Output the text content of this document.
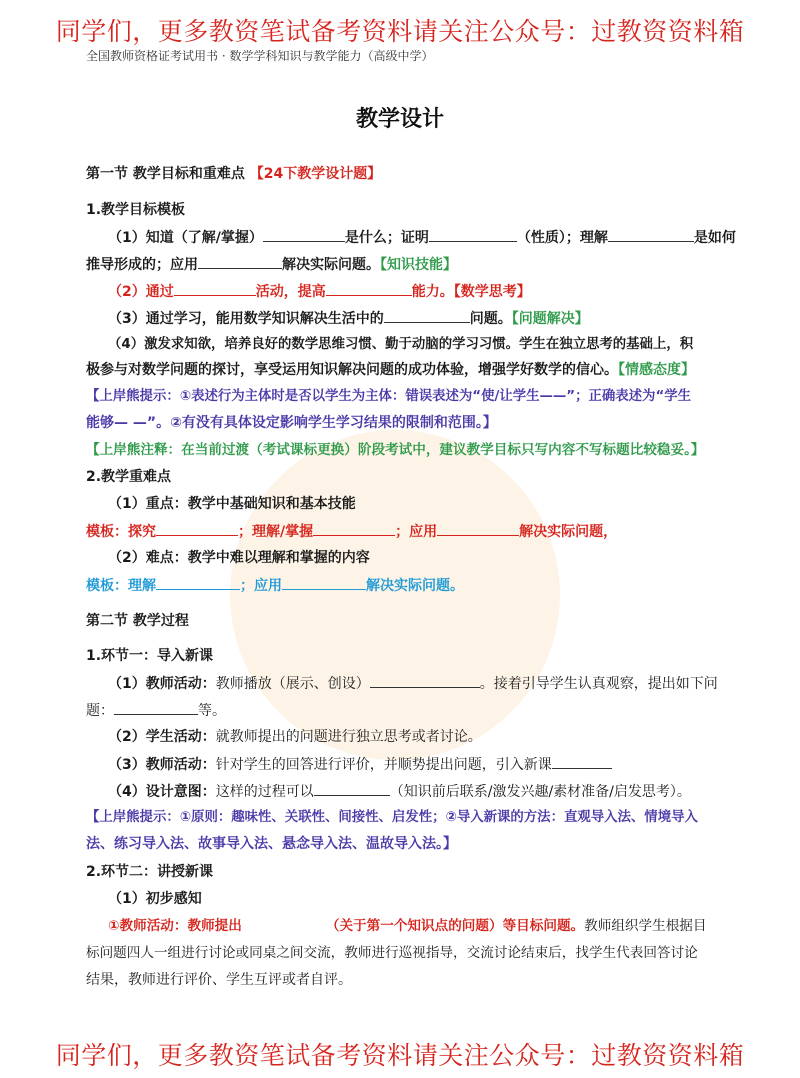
同学们，更多教资笔试备考资料请关注公众号：过教资资料箱
全国教师资格证考试用书 · 数学学科知识与教学能力（高级中学）
教学设计
第一节 教学目标和重难点 【24下教学设计题】
1.教学目标模板
（1）知道（了解/掌握）	是什么；证明	（性质）；理解	是如何
推导形成的；应用	解决实际问题。【知识技能】
（2）通过	活动，提高	能力。【数学思考】
（3）通过学习，能用数学知识解决生活中的	问题。【问题解决】
（4）激发求知欲，培养良好的数学思维习惯、勤于动脑的学习习惯。学生在独立思考的基础上，积
极参与对数学问题的探讨，享受运用知识解决问题的成功体验，增强学好数学的信心。【情感态度】
【上岸熊提示：①表述行为主体时是否以学生为主体：错误表述为“使/让学生——”；正确表述为“学生
能够— —”。②有没有具体设定影响学生学习结果的限制和范围。】
【上岸熊注释：在当前过渡（考试课标更换）阶段考试中，建议教学目标只写内容不写标题比较稳妥。】
2.教学重难点
（1）重点：教学中基础知识和基本技能
模板：探究	；理解/掌握	；应用	解决实际问题，
（2）难点：教学中难以理解和掌握的内容
模板：理解	；应用	解决实际问题。
第二节 教学过程
1.环节一：导入新课
（1）教师活动：教师播放（展示、创设）	。接着引导学生认真观察，提出如下问
题：	等。
（2）学生活动：就教师提出的问题进行独立思考或者讨论。
（3）教师活动：针对学生的回答进行评价，并顺势提出问题，引入新课
（4）设计意图：这样的过程可以	（知识前后联系/激发兴趣/素材准备/启发思考）。
【上岸熊提示：①原则：趣味性、关联性、间接性、启发性；②导入新课的方法：直观导入法、情境导入
法、练习导入法、故事导入法、悬念导入法、温故导入法。】
2.环节二：讲授新课
（1）初步感知
①教师活动：教师提出	（关于第一个知识点的问题）等目标问题。教师组织学生根据目
标问题四人一组进行讨论或同桌之间交流，教师进行巡视指导，交流讨论结束后，找学生代表回答讨论
结果，教师进行评价、学生互评或者自评。
同学们，更多教资笔试备考资料请关注公众号：过教资资料箱
